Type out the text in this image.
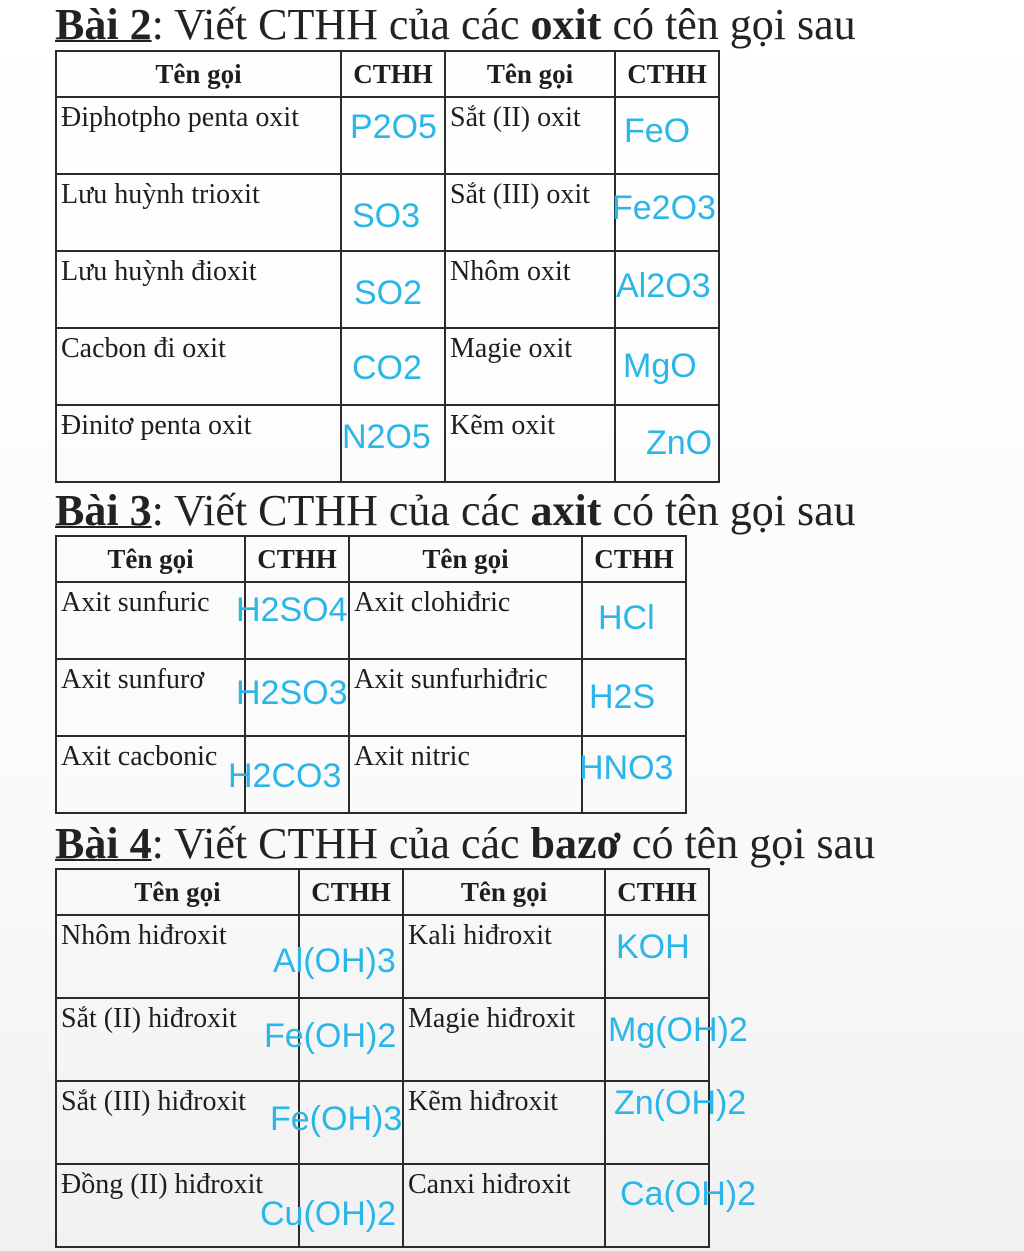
Bài 2: Viết CTHH của các oxit có tên gọi sau
Tên gọi	CTHH	Tên gọi	CTHH
Điphotpho penta oxit	P2O5	Sắt (II) oxit	FeO

Lưu huỳnh trioxit	SO3	Sắt (III) oxit	Fe2O3

Lưu huỳnh đioxit	SO2	Nhôm oxit	Al2O3

Cacbon đi oxit	CO2	Magie oxit	MgO

Đinitơ penta oxit	N2O5	Kẽm oxit	ZnO
Bài 3: Viết CTHH của các axit có tên gọi sau
Tên gọi	CTHH	Tên gọi	CTHH
Axit sunfuric	H2SO4	Axit clohiđric	HCl

Axit sunfurơ	H2SO3	Axit sunfurhiđric	H2S

Axit cacbonic	H2CO3	Axit nitric	HNO3
Bài 4: Viết CTHH của các bazơ có tên gọi sau
Tên gọi	CTHH	Tên gọi	CTHH
Nhôm hiđroxit	Al(OH)3	Kali hiđroxit	KOH

Sắt (II) hiđroxit	Fe(OH)2	Magie hiđroxit	Mg(OH)2

Sắt (III) hiđroxit	Fe(OH)3	Kẽm hiđroxit	Zn(OH)2

Đồng (II) hiđroxit	Cu(OH)2	Canxi hiđroxit	Ca(OH)2
